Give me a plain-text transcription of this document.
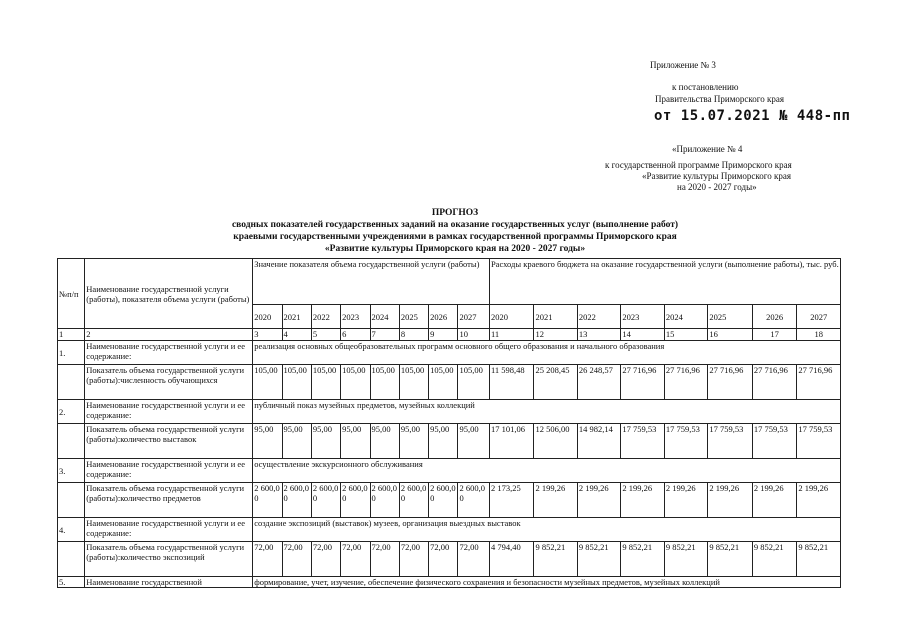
Приложение № 3
к постановлению
Правительства Приморского края
от 15.07.2021 № 448-пп
«Приложение № 4
к государственной программе Приморского края
«Развитие культуры Приморского края
на 2020 - 2027 годы»
ПРОГНОЗ
сводных показателей государственных заданий на оказание государственных услуг (выполнение работ)
краевыми государственными учреждениями в рамках государственной программы Приморского края
«Развитие культуры Приморского края на 2020 - 2027 годы»
№п/п	Наименование государственной услуги (работы), показателя объема услуги (работы)	Значение показателя объема государственной услуги (работы)								Расходы краевого бюджета на оказание государственной услуги (выполнение работы), тыс. руб.							
		2020	2021	2022	2023	2024	2025	2026	2027	2020	2021	2022	2023	2024	2025	2026	2027
1	2	3	4	5	6	7	8	9	10	11	12	13	14	15	16	17	18
1.	Наименование государственной услуги и ее содержание:	реализация основных общеобразовательных программ основного общего образования и начального образования															
	Показатель объема государственной услуги (работы):численность обучающихся	105,00	105,00	105,00	105,00	105,00	105,00	105,00	105,00	11 598,48	25 208,45	26 248,57	27 716,96	27 716,96	27 716,96	27 716,96	27 716,96
2.	Наименование государственной услуги и ее содержание:	публичный показ музейных предметов, музейных коллекций															
	Показатель объема государственной услуги (работы):количество выставок	95,00	95,00	95,00	95,00	95,00	95,00	95,00	95,00	17 101,06	12 506,00	14 982,14	17 759,53	17 759,53	17 759,53	17 759,53	17 759,53
3.	Наименование государственной услуги и ее содержание:	осуществление экскурсионного обслуживания															
	Показатель объема государственной услуги (работы):количество предметов	2 600,00	2 600,00	2 600,00	2 600,00	2 600,00	2 600,00	2 600,00	2 600,00	2 173,25	2 199,26	2 199,26	2 199,26	2 199,26	2 199,26	2 199,26	2 199,26
4.	Наименование государственной услуги и ее содержание:	создание экспозиций (выставок) музеев, организация выездных выставок															
	Показатель объема государственной услуги (работы):количество экспозиций	72,00	72,00	72,00	72,00	72,00	72,00	72,00	72,00	4 794,40	9 852,21	9 852,21	9 852,21	9 852,21	9 852,21	9 852,21	9 852,21
5.	Наименование государственной	формирование, учет, изучение, обеспечение физического сохранения и безопасности музейных предметов, музейных коллекций															
